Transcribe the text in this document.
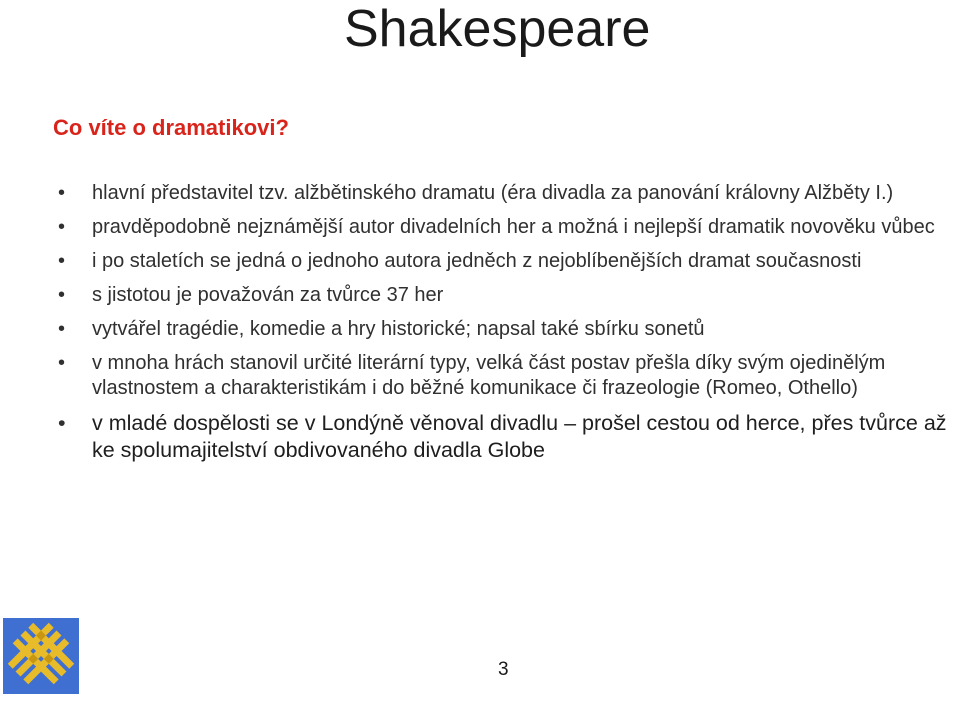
Shakespeare
Co víte o dramatikovi?
•	hlavní představitel tzv. alžbětinského dramatu (éra divadla za panování královny Alžběty I.)
•	pravděpodobně nejznámější autor divadelních her a možná i nejlepší dramatik novověku vůbec
•	i po staletích se jedná o jednoho autora jedněch z nejoblíbenějších dramat současnosti
•	s jistotou je považován za tvůrce 37 her
•	vytvářel tragédie, komedie a hry historické; napsal také sbírku sonetů
•	v mnoha hrách stanovil určité literární typy, velká část postav přešla díky svým ojedinělým vlastnostem a charakteristikám i do běžné komunikace či frazeologie (Romeo, Othello)
•	v mladé dospělosti se v Londýně věnoval divadlu – prošel cestou od herce, přes tvůrce až ke spolumajitelství obdivovaného divadla Globe
3
